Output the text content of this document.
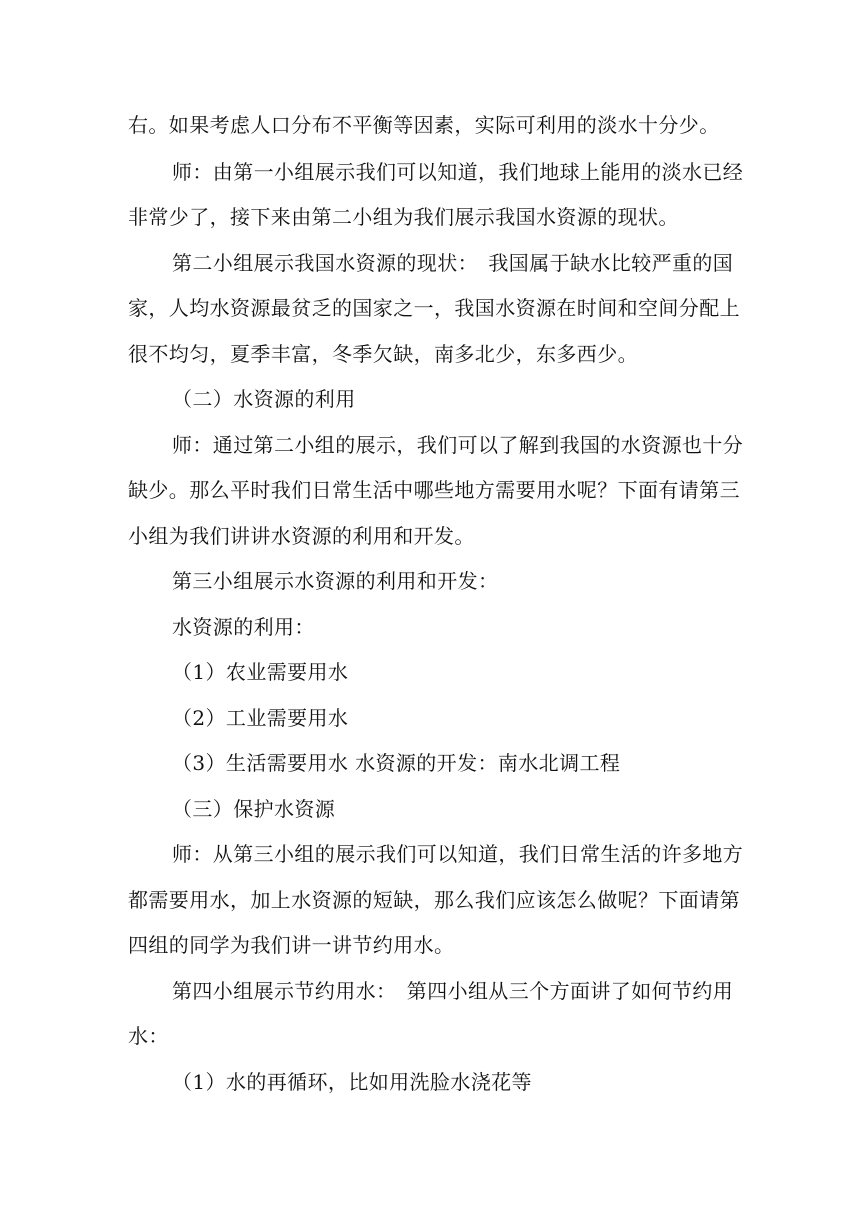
右。如果考虑人口分布不平衡等因素，实际可利用的淡水十分少。
师：由第一小组展示我们可以知道，我们地球上能用的淡水已经
非常少了，接下来由第二小组为我们展示我国水资源的现状。
第二小组展示我国水资源的现状：　我国属于缺水比较严重的国
家，人均水资源最贫乏的国家之一，我国水资源在时间和空间分配上
很不均匀，夏季丰富，冬季欠缺，南多北少，东多西少。
（二）水资源的利用
师：通过第二小组的展示，我们可以了解到我国的水资源也十分
缺少。那么平时我们日常生活中哪些地方需要用水呢？下面有请第三
小组为我们讲讲水资源的利用和开发。
第三小组展示水资源的利用和开发：
水资源的利用：
（1）农业需要用水
（2）工业需要用水
（3）生活需要用水 水资源的开发：南水北调工程
（三）保护水资源
师：从第三小组的展示我们可以知道，我们日常生活的许多地方
都需要用水，加上水资源的短缺，那么我们应该怎么做呢？下面请第
四组的同学为我们讲一讲节约用水。
第四小组展示节约用水：　第四小组从三个方面讲了如何节约用
水：
（1）水的再循环，比如用洗脸水浇花等
